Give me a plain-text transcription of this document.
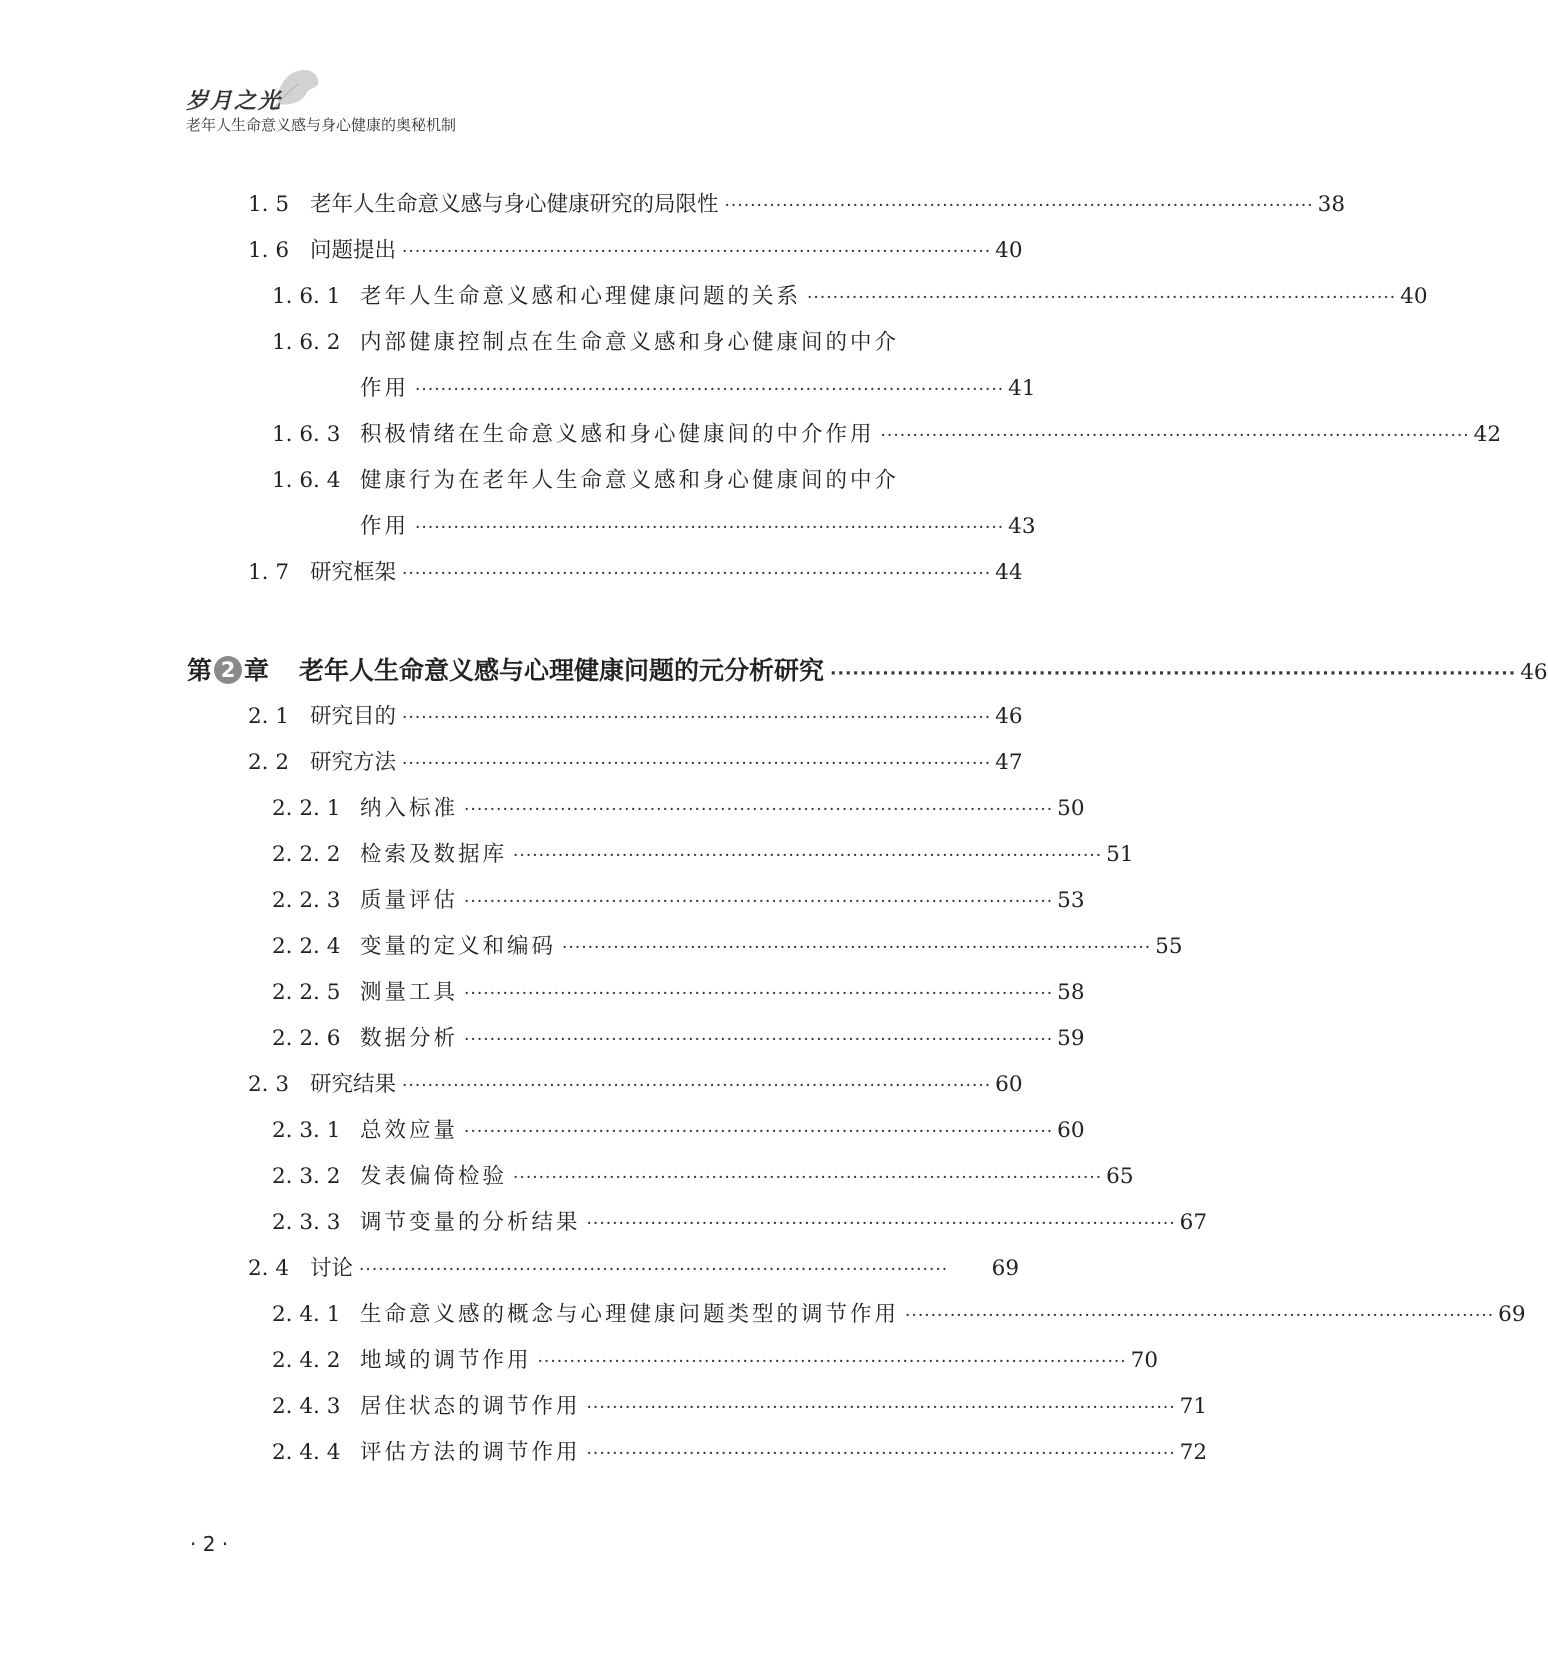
岁月之光
老年人生命意义感与身心健康的奥秘机制
1. 5 老年人生命意义感与身心健康研究的局限性 ···························································································· 38
1. 6 问题提出 ···························································································· 40
1. 6. 1 老年人生命意义感和心理健康问题的关系 ···························································································· 40
1. 6. 2 内部健康控制点在生命意义感和身心健康间的中介
作用 ···························································································· 41
1. 6. 3 积极情绪在生命意义感和身心健康间的中介作用 ···························································································· 42
1. 6. 4 健康行为在老年人生命意义感和身心健康间的中介
作用 ···························································································· 43
1. 7 研究框架 ···························································································· 44
第 2 章 老年人生命意义感与心理健康问题的元分析研究 ···························································································· 46
2. 1 研究目的 ···························································································· 46
2. 2 研究方法 ···························································································· 47
2. 2. 1 纳入标准 ···························································································· 50
2. 2. 2 检索及数据库 ···························································································· 51
2. 2. 3 质量评估 ···························································································· 53
2. 2. 4 变量的定义和编码 ···························································································· 55
2. 2. 5 测量工具 ···························································································· 58
2. 2. 6 数据分析 ···························································································· 59
2. 3 研究结果 ···························································································· 60
2. 3. 1 总效应量 ···························································································· 60
2. 3. 2 发表偏倚检验 ···························································································· 65
2. 3. 3 调节变量的分析结果 ···························································································· 67
2. 4 讨论 ····························································································	69
2. 4. 1 生命意义感的概念与心理健康问题类型的调节作用 ···························································································· 69
2. 4. 2 地域的调节作用 ···························································································· 70
2. 4. 3 居住状态的调节作用 ···························································································· 71
2. 4. 4 评估方法的调节作用 ···························································································· 72
· 2 ·
